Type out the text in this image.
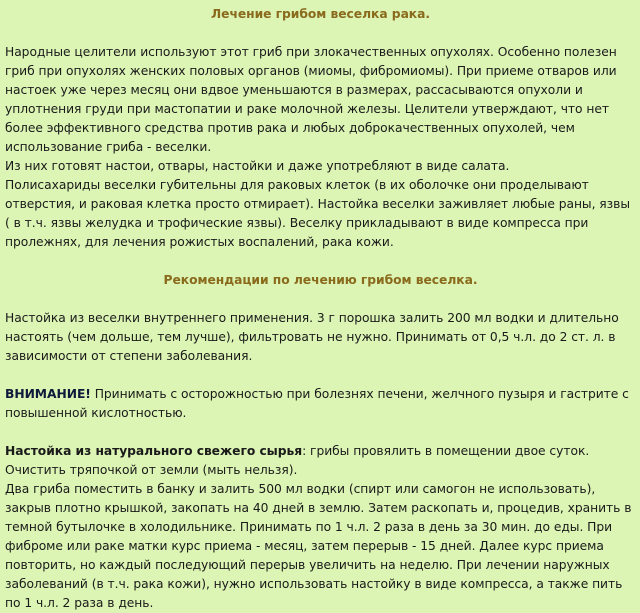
Лечение грибом веселка рака.

Народные целители используют этот гриб при злокачественных опухолях. Особенно полезен гриб при опухолях женских половых органов (миомы, фибромиомы). При приеме отваров или настоек уже через месяц они вдвое уменьшаются в размерах, рассасываются опухоли и уплотнения груди при мастопатии и раке молочной железы. Целители утверждают, что нет более эффективного средства против рака и любых доброкачественных опухолей, чем использование гриба - веселки.

Из них готовят настои, отвары, настойки и даже употребляют в виде салата.

Полисахариды веселки губительны для раковых клеток (в их оболочке они проделывают отверстия, и раковая клетка просто отмирает). Настойка веселки заживляет любые раны, язвы ( в т.ч. язвы желудка и трофические язвы). Веселку прикладывают в виде компресса при пролежнях, для лечения рожистых воспалений, рака кожи.

Рекомендации по лечению грибом веселка.

Настойка из веселки внутреннего применения. 3 г порошка залить 200 мл водки и длительно настоять (чем дольше, тем лучше), фильтровать не нужно. Принимать от 0,5 ч.л. до 2 ст. л. в зависимости от степени заболевания.

ВНИМАНИЕ! Принимать с осторожностью при болезнях печени, желчного пузыря и гастрите с повышенной кислотностью.

Настойка из натурального свежего сырья: грибы провялить в помещении двое суток. Очистить тряпочкой от земли (мыть нельзя).

Два гриба поместить в банку и залить 500 мл водки (спирт или самогон не использовать), закрыв плотно крышкой, закопать на 40 дней в землю. Затем раскопать и, процедив, хранить в темной бутылочке в холодильнике. Принимать по 1 ч.л. 2 раза в день за 30 мин. до еды. При фиброме или раке матки курс приема - месяц, затем перерыв - 15 дней. Далее курс приема повторить, но каждый последующий перерыв увеличить на неделю. При лечении наружных заболеваний (в т.ч. рака кожи), нужно использовать настойку в виде компресса, а также пить по 1 ч.л. 2 раза в день.
